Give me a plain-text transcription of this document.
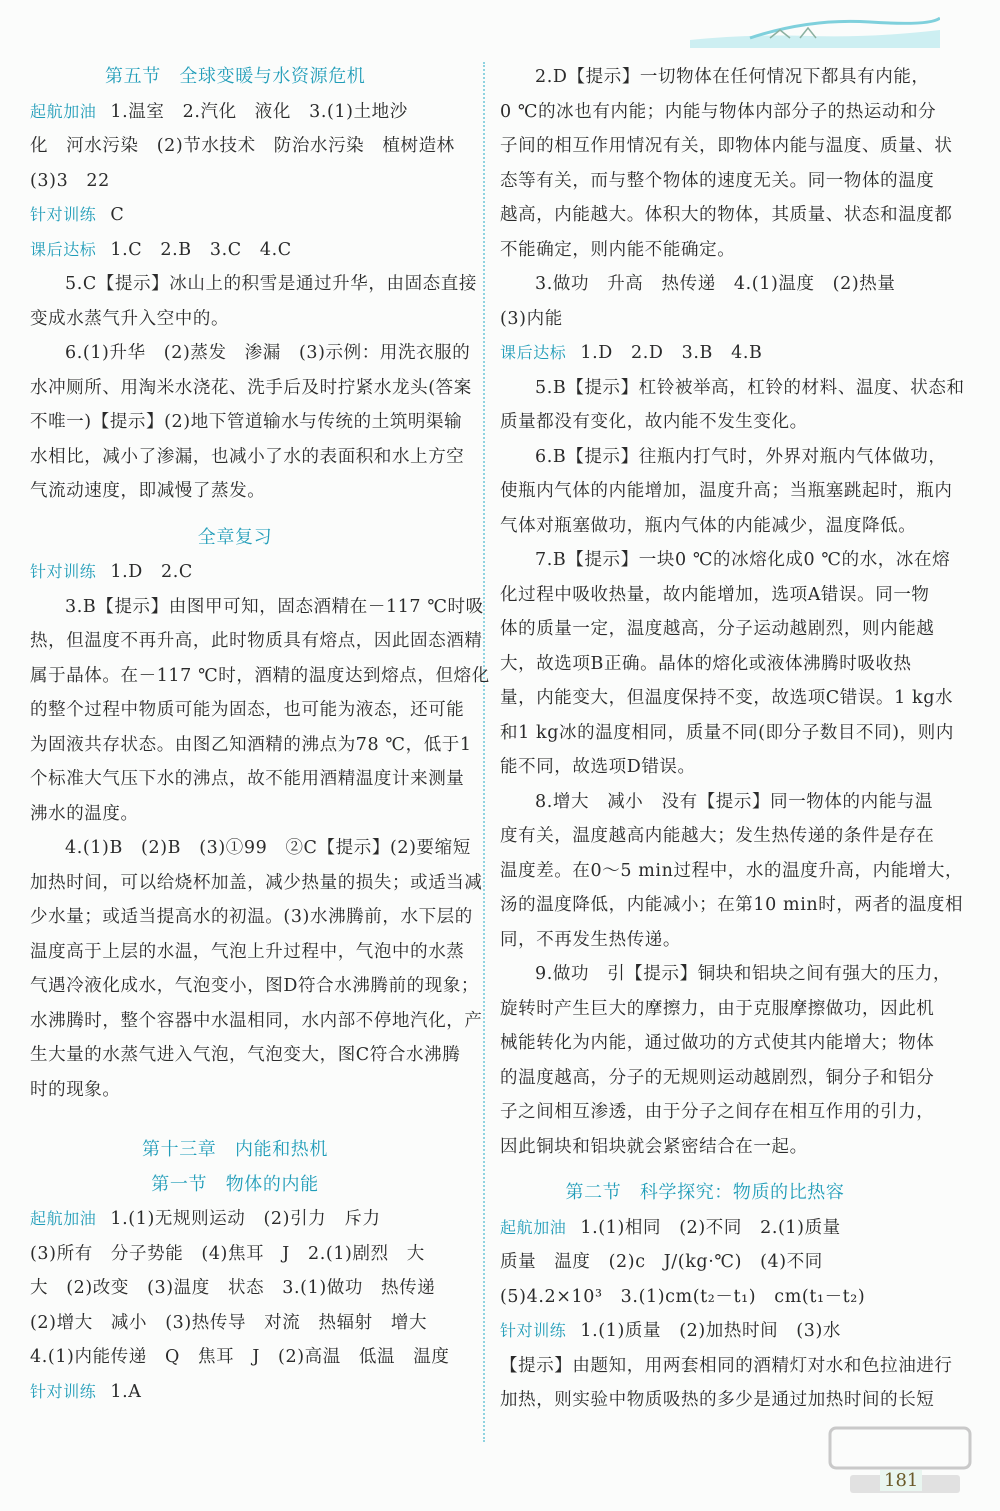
第五节　全球变暖与水资源危机
起航加油 1.温室　2.汽化　液化　3.(1)土地沙
化　河水污染　(2)节水技术　防治水污染　植树造林
(3)3　22
针对训练 C
课后达标 1.C　2.B　3.C　4.C
5.C【提示】冰山上的积雪是通过升华，由固态直接
变成水蒸气升入空中的。
6.(1)升华　(2)蒸发　渗漏　(3)示例：用洗衣服的
水冲厕所、用淘米水浇花、洗手后及时拧紧水龙头(答案
不唯一)【提示】(2)地下管道输水与传统的土筑明渠输
水相比，减小了渗漏，也减小了水的表面积和水上方空
气流动速度，即减慢了蒸发。
全章复习
针对训练 1.D　2.C
3.B【提示】由图甲可知，固态酒精在－117 ℃时吸
热，但温度不再升高，此时物质具有熔点，因此固态酒精
属于晶体。在－117 ℃时，酒精的温度达到熔点，但熔化
的整个过程中物质可能为固态，也可能为液态，还可能
为固液共存状态。由图乙知酒精的沸点为78 ℃，低于1
个标准大气压下水的沸点，故不能用酒精温度计来测量
沸水的温度。
4.(1)B　(2)B　(3)①99　②C【提示】(2)要缩短
加热时间，可以给烧杯加盖，减少热量的损失；或适当减
少水量；或适当提高水的初温。(3)水沸腾前，水下层的
温度高于上层的水温，气泡上升过程中，气泡中的水蒸
气遇冷液化成水，气泡变小，图D符合水沸腾前的现象；
水沸腾时，整个容器中水温相同，水内部不停地汽化，产
生大量的水蒸气进入气泡，气泡变大，图C符合水沸腾
时的现象。
第十三章　内能和热机
第一节　物体的内能
起航加油 1.(1)无规则运动　(2)引力　斥力
(3)所有　分子势能　(4)焦耳　J　2.(1)剧烈　大
大　(2)改变　(3)温度　状态　3.(1)做功　热传递
(2)增大　减小　(3)热传导　对流　热辐射　增大
4.(1)内能传递　Q　焦耳　J　(2)高温　低温　温度
针对训练 1.A
2.D【提示】一切物体在任何情况下都具有内能，
0 ℃的冰也有内能；内能与物体内部分子的热运动和分
子间的相互作用情况有关，即物体内能与温度、质量、状
态等有关，而与整个物体的速度无关。同一物体的温度
越高，内能越大。体积大的物体，其质量、状态和温度都
不能确定，则内能不能确定。
3.做功　升高　热传递　4.(1)温度　(2)热量
(3)内能
课后达标 1.D　2.D　3.B　4.B
5.B【提示】杠铃被举高，杠铃的材料、温度、状态和
质量都没有变化，故内能不发生变化。
6.B【提示】往瓶内打气时，外界对瓶内气体做功，
使瓶内气体的内能增加，温度升高；当瓶塞跳起时，瓶内
气体对瓶塞做功，瓶内气体的内能减少，温度降低。
7.B【提示】一块0 ℃的冰熔化成0 ℃的水，冰在熔
化过程中吸收热量，故内能增加，选项A错误。同一物
体的质量一定，温度越高，分子运动越剧烈，则内能越
大，故选项B正确。晶体的熔化或液体沸腾时吸收热
量，内能变大，但温度保持不变，故选项C错误。1 kg水
和1 kg冰的温度相同，质量不同(即分子数目不同)，则内
能不同，故选项D错误。
8.增大　减小　没有【提示】同一物体的内能与温
度有关，温度越高内能越大；发生热传递的条件是存在
温度差。在0～5 min过程中，水的温度升高，内能增大，
汤的温度降低，内能减小；在第10 min时，两者的温度相
同，不再发生热传递。
9.做功　引【提示】铜块和铝块之间有强大的压力，
旋转时产生巨大的摩擦力，由于克服摩擦做功，因此机
械能转化为内能，通过做功的方式使其内能增大；物体
的温度越高，分子的无规则运动越剧烈，铜分子和铝分
子之间相互渗透，由于分子之间存在相互作用的引力，
因此铜块和铝块就会紧密结合在一起。
第二节　科学探究：物质的比热容
起航加油 1.(1)相同　(2)不同　2.(1)质量
质量　温度　(2)c　J/(kg·℃)　(4)不同
(5)4.2×10³　3.(1)cm(t₂－t₁)　cm(t₁－t₂)
针对训练 1.(1)质量　(2)加热时间　(3)水
【提示】由题知，用两套相同的酒精灯对水和色拉油进行
加热，则实验中物质吸热的多少是通过加热时间的长短
181
